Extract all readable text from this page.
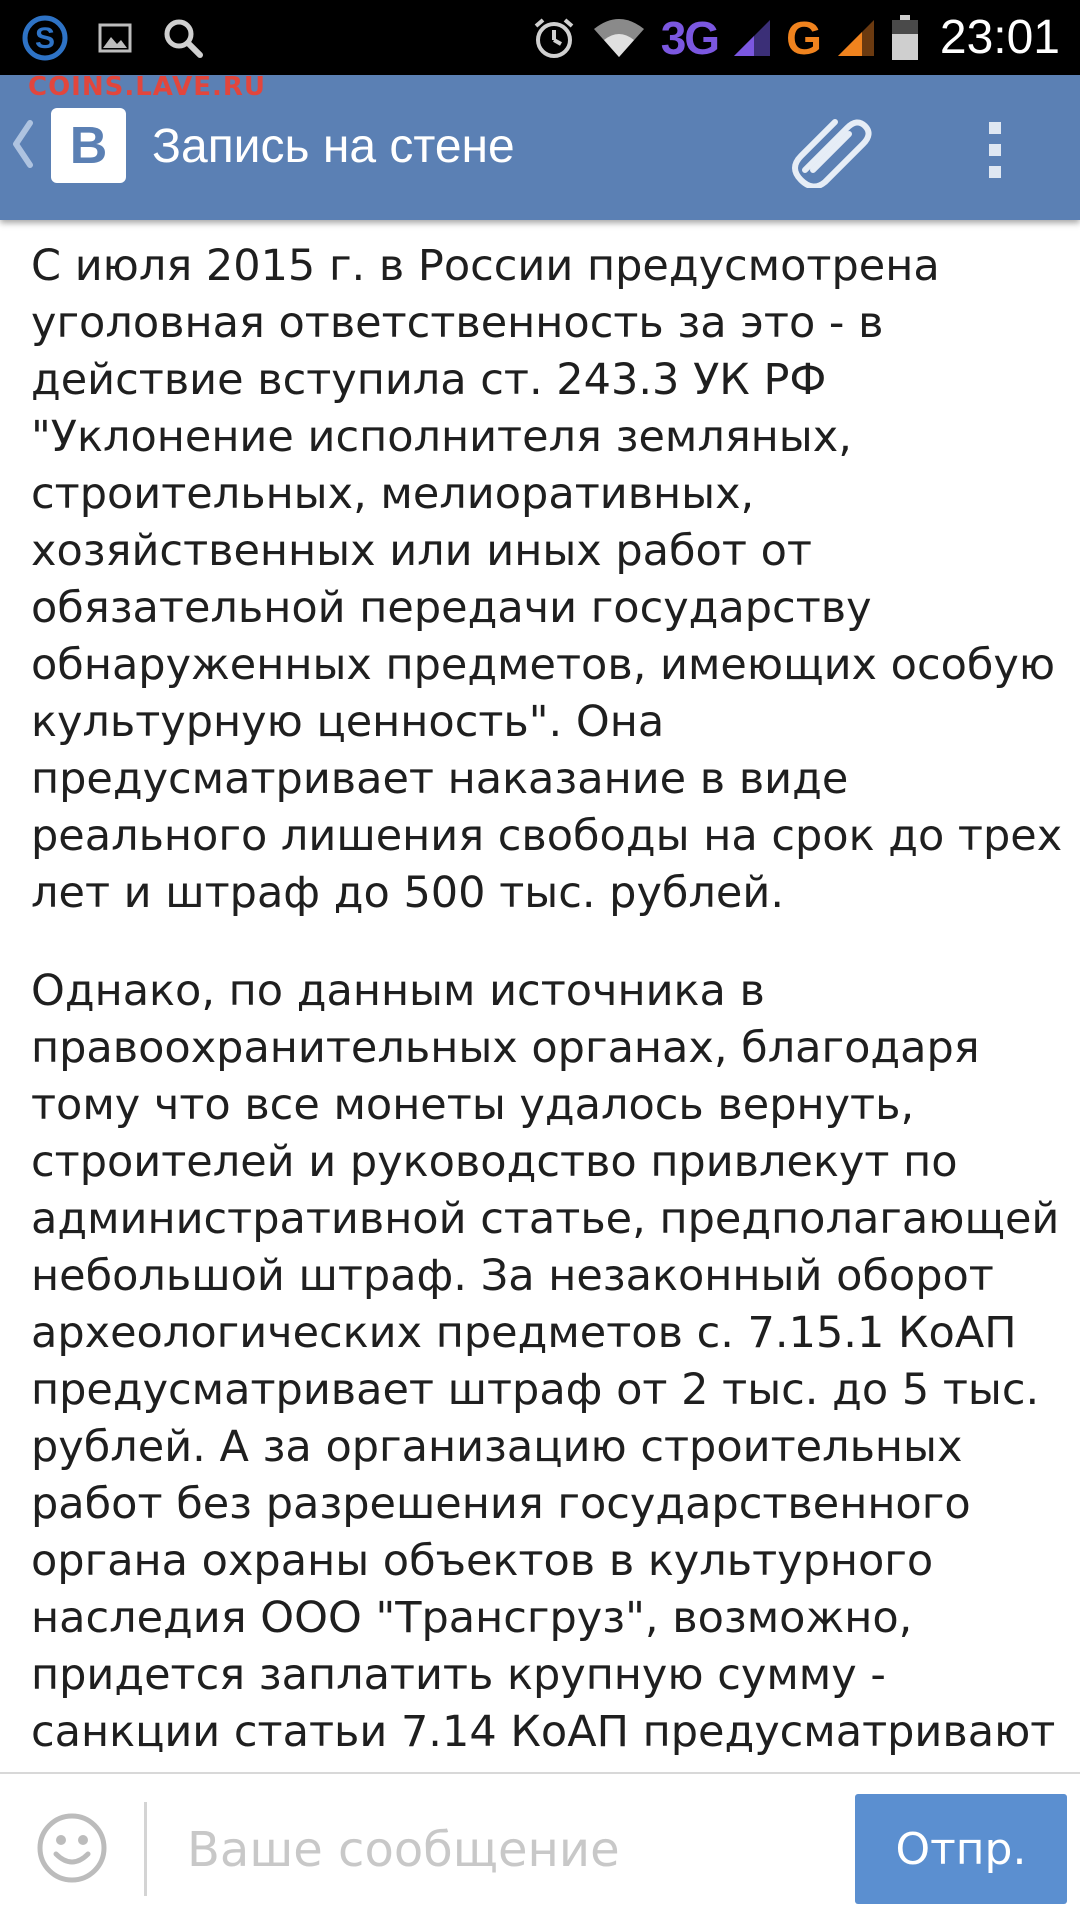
S	3G G 23:01
COINS.LAVE.RU
В Запись на стене

С июля 2015 г. в России предусмотрена уголовная ответственность за это - в действие вступила ст. 243.3 УК РФ "Уклонение исполнителя земляных, строительных, мелиоративных, хозяйственных или иных работ от обязательной передачи государству обнаруженных предметов, имеющих особую культурную ценность". Она предусматривает наказание в виде реального лишения свободы на срок до трех лет и штраф до 500 тыс. рублей.

Однако, по данным источника в правоохранительных органах, благодаря тому что все монеты удалось вернуть, строителей и руководство привлекут по административной статье, предполагающей небольшой штраф. За незаконный оборот археологических предметов с. 7.15.1 КоАП предусматривает штраф от 2 тыс. до 5 тыс. рублей. А за организацию строительных работ без разрешения государственного органа охраны объектов в культурного наследия ООО "Трансгруз", возможно, придется заплатить крупную сумму - санкции статьи 7.14 КоАП предусматривают

Ваше сообщение
Отпр.
